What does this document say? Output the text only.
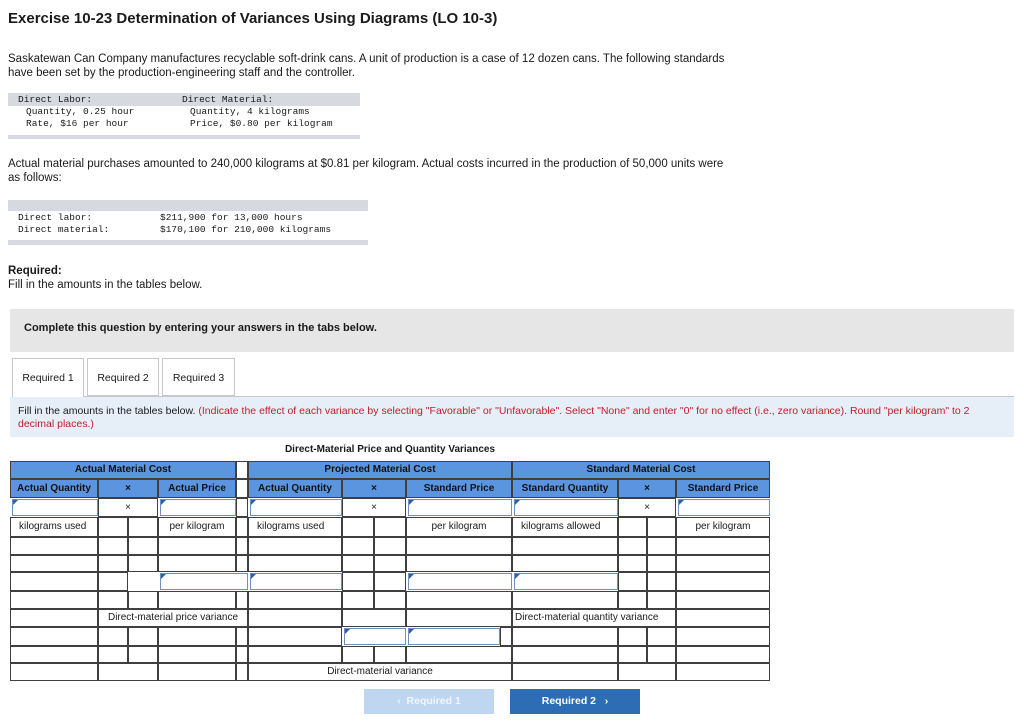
Exercise 10-23 Determination of Variances Using Diagrams (LO 10-3)
Saskatewan Can Company manufactures recyclable soft-drink cans. A unit of production is a case of 12 dozen cans. The following standards have been set by the production-engineering staff and the controller.
Direct Labor:
Quantity, 0.25 hour
Rate, $16 per hour
Direct Material:
Quantity, 4 kilograms
Price, $0.80 per kilogram
Actual material purchases amounted to 240,000 kilograms at $0.81 per kilogram. Actual costs incurred in the production of 50,000 units were as follows:
Direct labor:	$211,900 for 13,000 hours
Direct material:	$170,100 for 210,000 kilograms
Required:
Fill in the amounts in the tables below.
Complete this question by entering your answers in the tabs below.
Required 1	Required 2	Required 3

Fill in the amounts in the tables below. (Indicate the effect of each variance by selecting "Favorable" or "Unfavorable". Select "None" and enter "0" for no effect (i.e., zero variance). Round "per kilogram" to 2 decimal places.)

Direct-Material Price and Quantity Variances
Actual Material Cost	Projected Material Cost	Standard Material Cost
Actual Quantity	×	Actual Price	Actual Quantity	×	Standard Price	Standard Quantity	×	Standard Price
×	×	×
kilograms used	per kilogram	kilograms used	per kilogram	kilograms allowed	per kilogram
Direct-material price variance	Direct-material quantity variance
Direct-material variance
‹ Required 1	Required 2 ›
